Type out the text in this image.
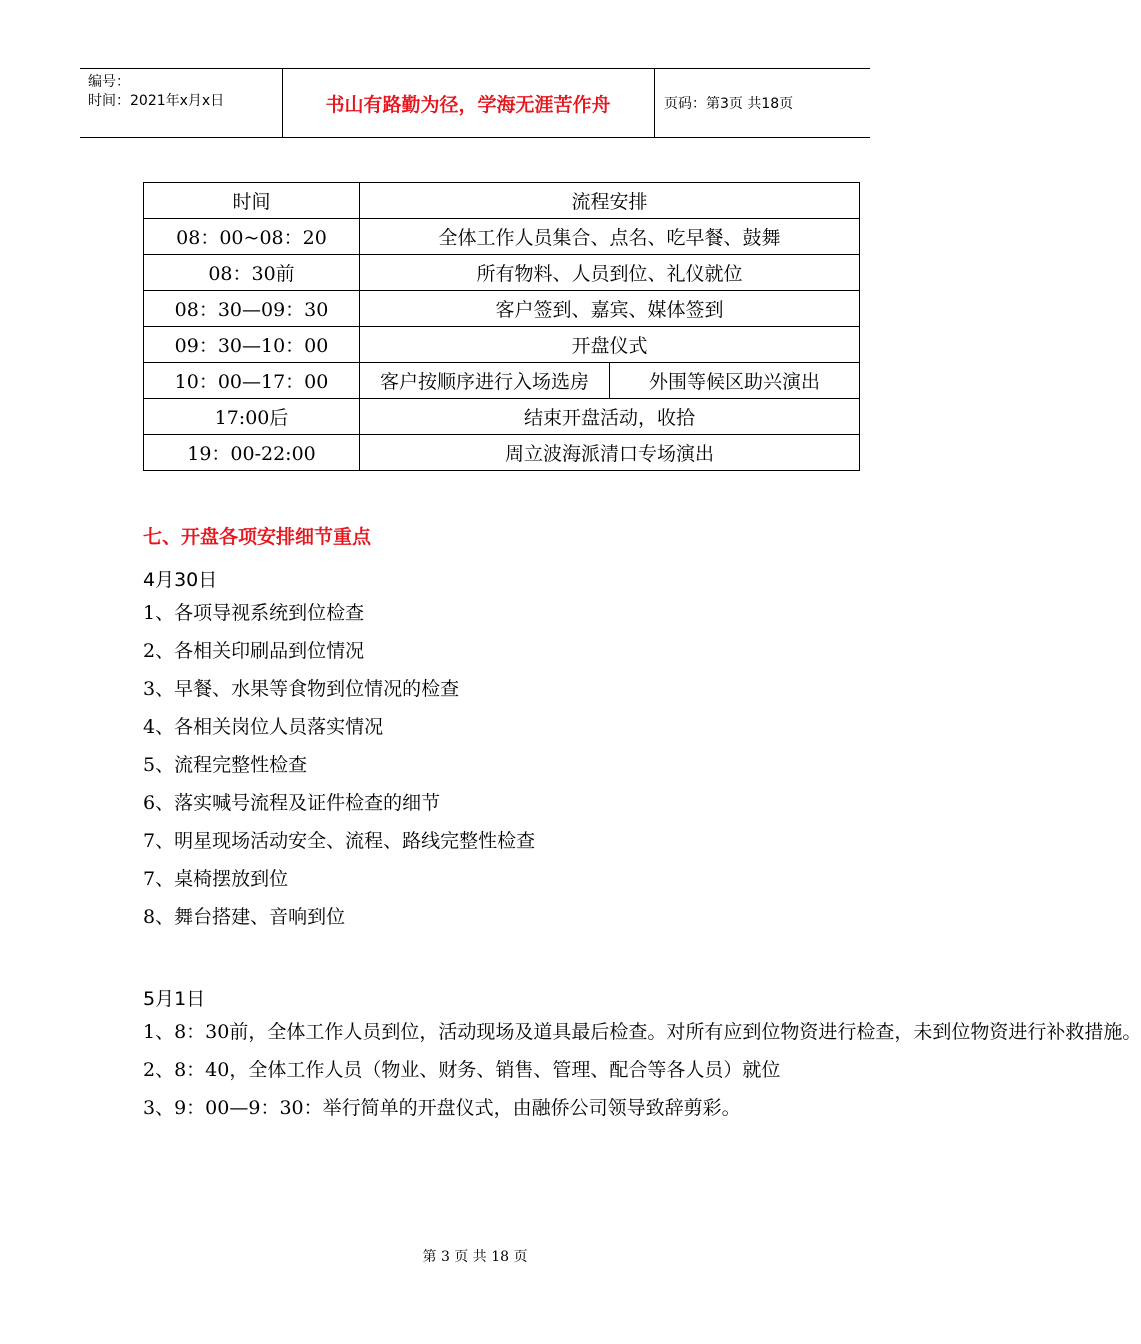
编号：
时间：2021年x月x日	书山有路勤为径，学海无涯苦作舟	页码：第3页 共18页
时间	流程安排	
08：00~08：20	全体工作人员集合、点名、吃早餐、鼓舞	
08：30前	所有物料、人员到位、礼仪就位	
08：30—09：30	客户签到、嘉宾、媒体签到	
09：30—10：00	开盘仪式	
10：00—17：00	客户按顺序进行入场选房	外围等候区助兴演出
17:00后	结束开盘活动，收拾	
19：00-22:00	周立波海派清口专场演出	
七、开盘各项安排细节重点
4月30日
1、各项导视系统到位检查
2、各相关印刷品到位情况
3、早餐、水果等食物到位情况的检查
4、各相关岗位人员落实情况
5、流程完整性检查
6、落实喊号流程及证件检查的细节
7、明星现场活动安全、流程、路线完整性检查
7、桌椅摆放到位
8、舞台搭建、音响到位
5月1日
1、8：30前，全体工作人员到位，活动现场及道具最后检查。对所有应到位物资进行检查，未到位物资进行补救措施。
2、8：40，全体工作人员（物业、财务、销售、管理、配合等各人员）就位
3、9：00—9：30：举行简单的开盘仪式，由融侨公司领导致辞剪彩。
第 3 页 共 18 页
